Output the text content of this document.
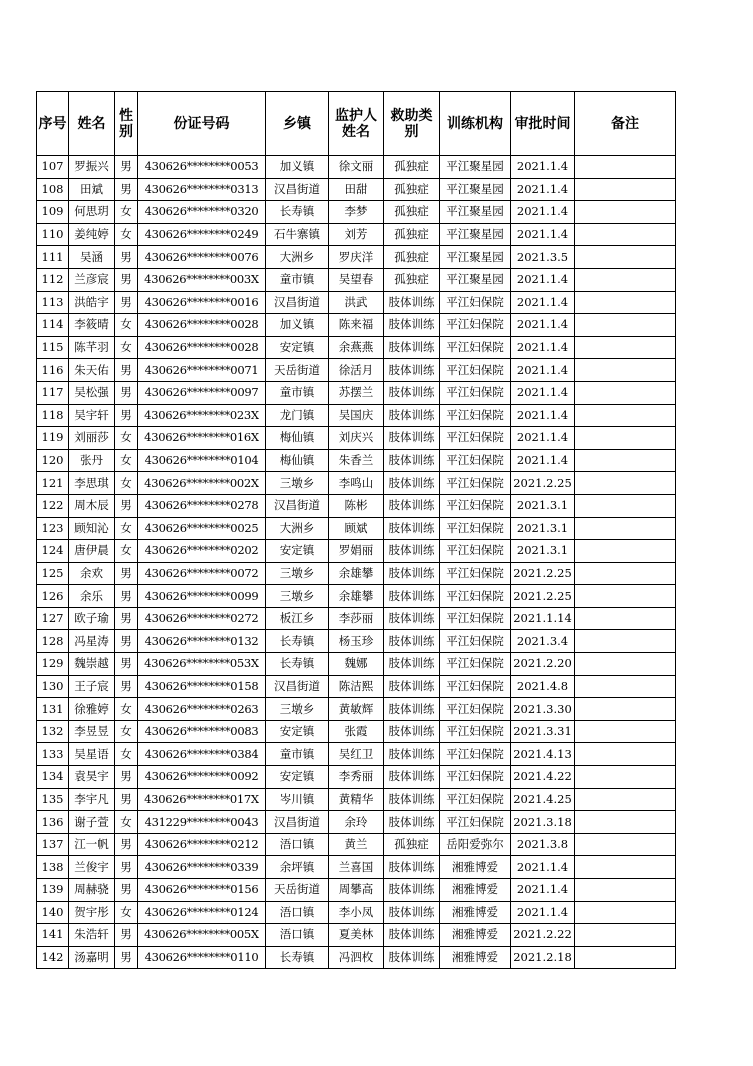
序号	姓名	性别	份证号码	乡镇	监护人姓名	救助类别	训练机构	审批时间	备注
107	罗振兴	男	430626********0053	加义镇	徐文丽	孤独症	平江聚星园	2021.1.4	
108	田斌	男	430626********0313	汉昌街道	田甜	孤独症	平江聚星园	2021.1.4	
109	何思玥	女	430626********0320	长寿镇	李梦	孤独症	平江聚星园	2021.1.4	
110	姜纯婷	女	430626********0249	石牛寨镇	刘芳	孤独症	平江聚星园	2021.1.4	
111	吴涵	男	430626********0076	大洲乡	罗庆洋	孤独症	平江聚星园	2021.3.5	
112	兰彦宸	男	430626********003X	童市镇	吴望春	孤独症	平江聚星园	2021.1.4	
113	洪皓宇	男	430626********0016	汉昌街道	洪武	肢体训练	平江妇保院	2021.1.4	
114	李筱晴	女	430626********0028	加义镇	陈来福	肢体训练	平江妇保院	2021.1.4	
115	陈芊羽	女	430626********0028	安定镇	余燕燕	肢体训练	平江妇保院	2021.1.4	
116	朱天佑	男	430626********0071	天岳街道	徐活月	肢体训练	平江妇保院	2021.1.4	
117	吴松强	男	430626********0097	童市镇	苏摆兰	肢体训练	平江妇保院	2021.1.4	
118	吴宇轩	男	430626********023X	龙门镇	吴国庆	肢体训练	平江妇保院	2021.1.4	
119	刘丽莎	女	430626********016X	梅仙镇	刘庆兴	肢体训练	平江妇保院	2021.1.4	
120	张丹	女	430626********0104	梅仙镇	朱香兰	肢体训练	平江妇保院	2021.1.4	
121	李思琪	女	430626********002X	三墩乡	李鸣山	肢体训练	平江妇保院	2021.2.25	
122	周木辰	男	430626********0278	汉昌街道	陈彬	肢体训练	平江妇保院	2021.3.1	
123	顾知沁	女	430626********0025	大洲乡	顾斌	肢体训练	平江妇保院	2021.3.1	
124	唐伊晨	女	430626********0202	安定镇	罗娟丽	肢体训练	平江妇保院	2021.3.1	
125	余欢	男	430626********0072	三墩乡	余雄攀	肢体训练	平江妇保院	2021.2.25	
126	余乐	男	430626********0099	三墩乡	余雄攀	肢体训练	平江妇保院	2021.2.25	
127	欧子瑜	男	430626********0272	板江乡	李莎丽	肢体训练	平江妇保院	2021.1.14	
128	冯星涛	男	430626********0132	长寿镇	杨玉珍	肢体训练	平江妇保院	2021.3.4	
129	魏崇越	男	430626********053X	长寿镇	魏娜	肢体训练	平江妇保院	2021.2.20	
130	王子宸	男	430626********0158	汉昌街道	陈洁熙	肢体训练	平江妇保院	2021.4.8	
131	徐雅婷	女	430626********0263	三墩乡	黄敏辉	肢体训练	平江妇保院	2021.3.30	
132	李昱昱	女	430626********0083	安定镇	张霞	肢体训练	平江妇保院	2021.3.31	
133	吴星语	女	430626********0384	童市镇	吴红卫	肢体训练	平江妇保院	2021.4.13	
134	袁昊宇	男	430626********0092	安定镇	李秀丽	肢体训练	平江妇保院	2021.4.22	
135	李宇凡	男	430626********017X	岑川镇	黄精华	肢体训练	平江妇保院	2021.4.25	
136	谢子萱	女	431229********0043	汉昌街道	余玲	肢体训练	平江妇保院	2021.3.18	
137	江一帆	男	430626********0212	浯口镇	黄兰	孤独症	岳阳爱弥尔	2021.3.8	
138	兰俊宇	男	430626********0339	余坪镇	兰喜国	肢体训练	湘雅博爱	2021.1.4	
139	周赫骁	男	430626********0156	天岳街道	周攀高	肢体训练	湘雅博爱	2021.1.4	
140	贺宇彤	女	430626********0124	浯口镇	李小凤	肢体训练	湘雅博爱	2021.1.4	
141	朱浩轩	男	430626********005X	浯口镇	夏美林	肢体训练	湘雅博爱	2021.2.22	
142	汤嘉明	男	430626********0110	长寿镇	冯泗枚	肢体训练	湘雅博爱	2021.2.18	
